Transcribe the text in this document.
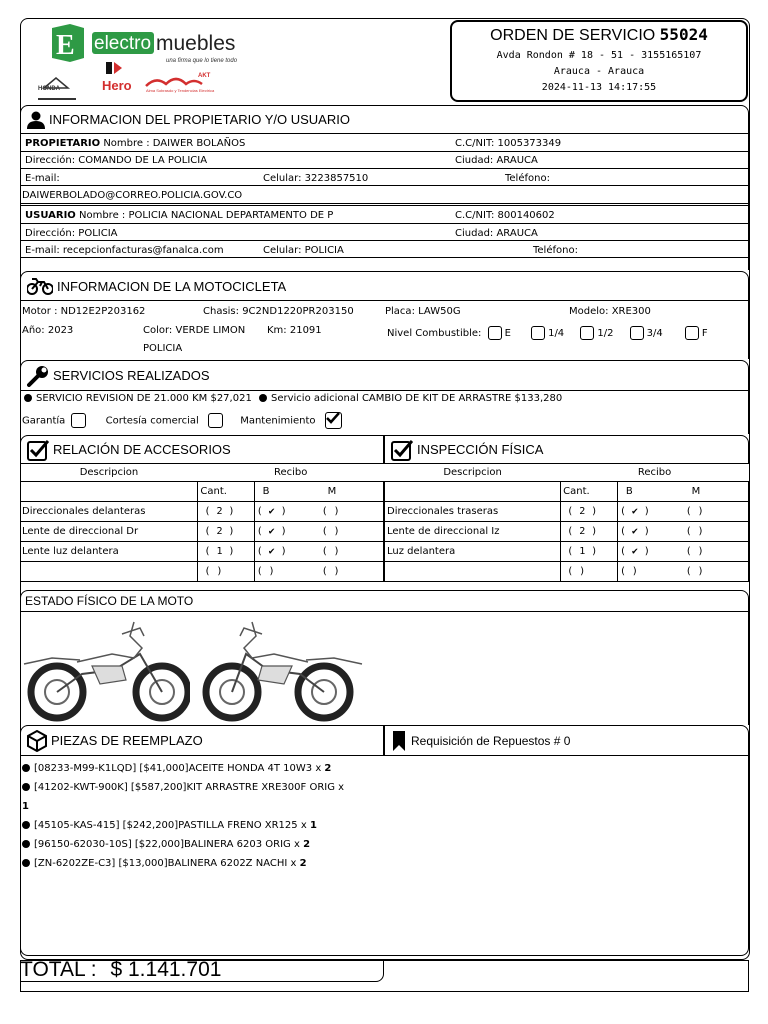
E electro muebles
una firma que lo tiene todo
HONDA	Hero
AKT
Alma Sobrasdo y Tendencias Electrica
ORDEN DE SERVICIO 55024
Avda Rondon # 18 - 51 - 3155165107
Arauca - Arauca
2024-11-13 14:17:55
INFORMACION DEL PROPIETARIO Y/O USUARIO
PROPIETARIO Nombre : DAIWER BOLAÑOS	C.C/NIT: 1005373349
Dirección: COMANDO DE LA POLICIA	Ciudad: ARAUCA
E-mail:	Celular: 3223857510	Teléfono:
DAIWERBOLADO@CORREO.POLICIA.GOV.CO
USUARIO Nombre : POLICIA NACIONAL DEPARTAMENTO DE P	C.C/NIT: 800140602
Dirección: POLICIA	Ciudad: ARAUCA
E-mail: recepcionfacturas@fanalca.com	Celular: POLICIA	Teléfono:
INFORMACION DE LA MOTOCICLETA
Motor : ND12E2P203162	Chasis: 9C2ND1220PR203150	Placa: LAW50G	Modelo: XRE300
Año: 2023	Color: VERDE LIMON
POLICIA
Km: 21091	Nivel Combustible: E	1/4	1/2	3/4	F
SERVICIOS REALIZADOS
SERVICIO REVISION DE 21.000 KM $27,021 Servicio adicional CAMBIO DE KIT DE ARRASTRE $133,280
Garantía	Cortesía comercial	Mantenimiento
RELACIÓN DE ACCESORIOS	INSPECCIÓN FÍSICA
Descripcion	Recibo		
	Cant.	B	M
Direccionales delanteras	( 2 )	( ✔ )	( )
Lente de direccional Dr	( 2 )	( ✔ )	( )
Lente luz delantera	( 1 )	( ✔ )	( )
	( )	( )	( )
Descripcion	Recibo		
	Cant.	B	M
Direccionales traseras	( 2 )	( ✔ )	( )
Lente de direccional Iz	( 2 )	( ✔ )	( )
Luz delantera	( 1 )	( ✔ )	( )
	( )	( )	( )
ESTADO FÍSICO DE LA MOTO
PIEZAS DE REEMPLAZO	Requisición de Repuestos # 0
[08233-M99-K1LQD] [$41,000]ACEITE HONDA 4T 10W3 x 2
[41202-KWT-900K] [$587,200]KIT ARRASTRE XRE300F ORIG x
1
[45105-KAS-415] [$242,200]PASTILLA FRENO XR125 x 1
[96150-62030-10S] [$22,000]BALINERA 6203 ORIG x 2
[ZN-6202ZE-C3] [$13,000]BALINERA 6202Z NACHI x 2
TOTAL : $ 1.141.701
